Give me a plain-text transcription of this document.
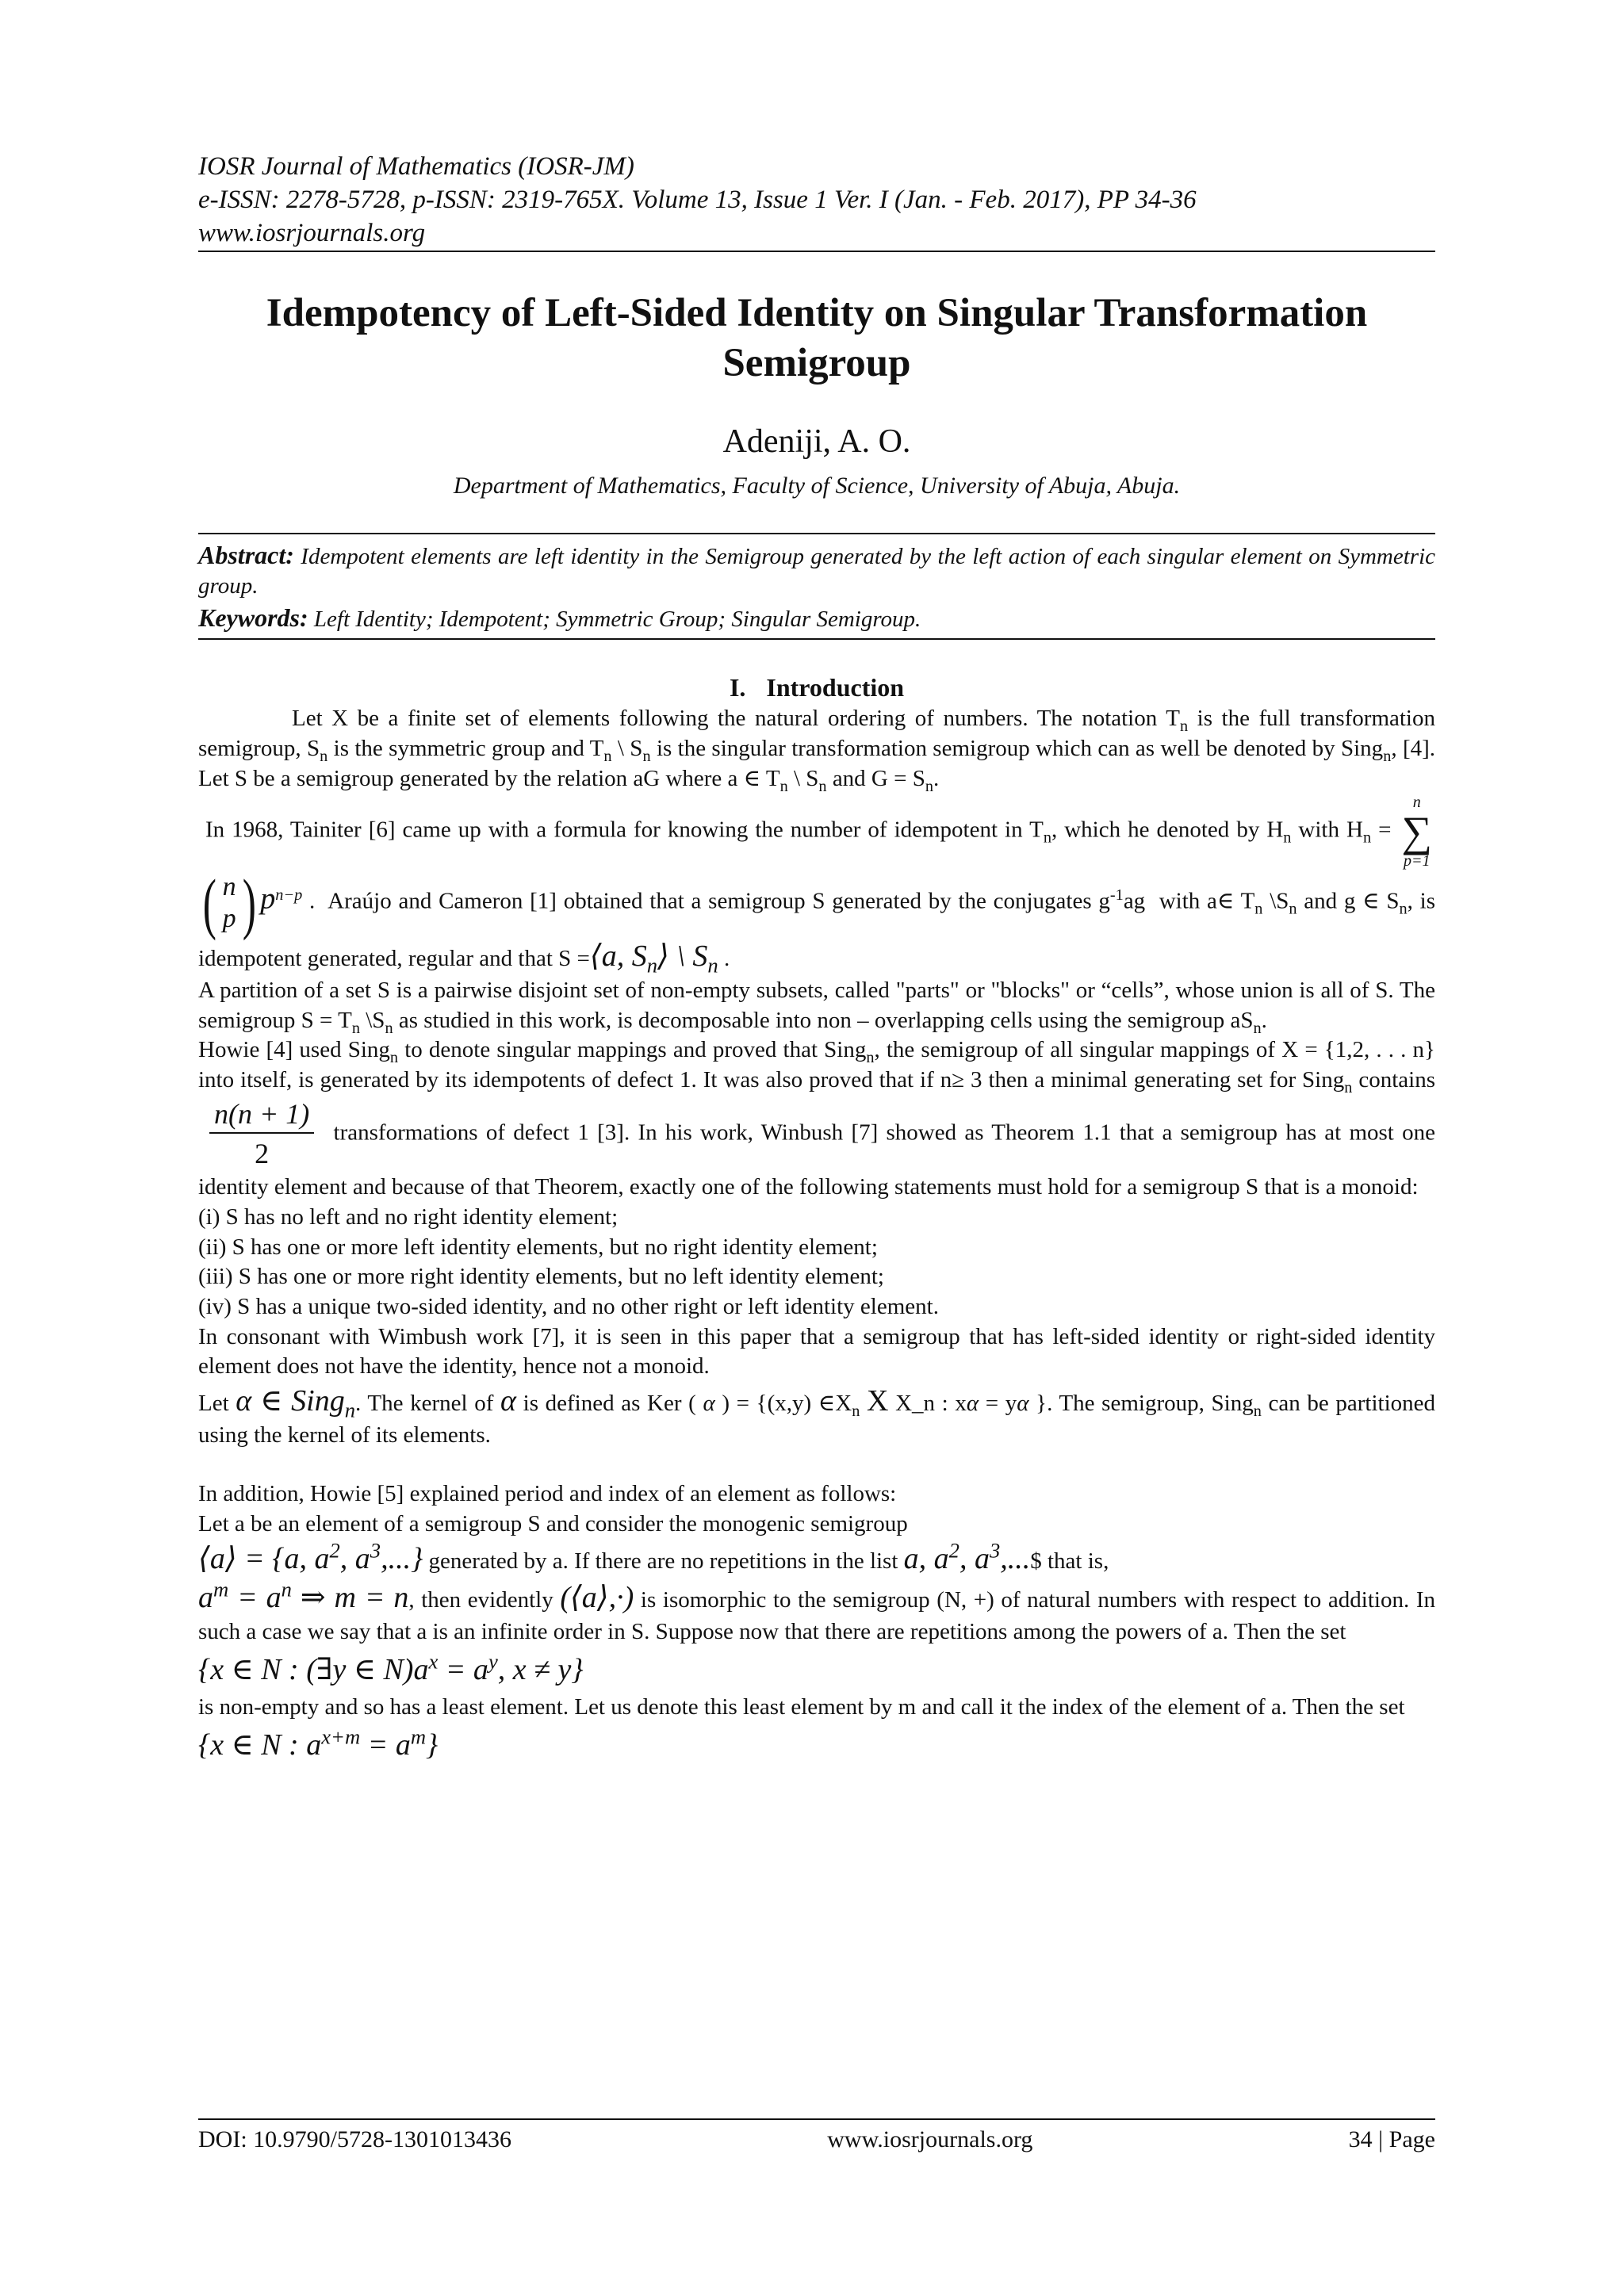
IOSR Journal of Mathematics (IOSR-JM)
e-ISSN: 2278-5728, p-ISSN: 2319-765X. Volume 13, Issue 1 Ver. I (Jan. - Feb. 2017), PP 34-36
www.iosrjournals.org
Idempotency of Left-Sided Identity on Singular Transformation Semigroup
Adeniji, A. O.
Department of Mathematics, Faculty of Science, University of Abuja, Abuja.

Abstract: Idempotent elements are left identity in the Semigroup generated by the left action of each singular element on Symmetric group.

Keywords: Left Identity; Idempotent; Symmetric Group; Singular Semigroup.

I. Introduction

Let X be a finite set of elements following the natural ordering of numbers. The notation $T_n$ is the full transformation semigroup, $S_n$ is the symmetric group and $T_n$ \ $S_n$ is the singular transformation semigroup which can as well be denoted by Sing$_n$, [4]. Let S be a semigroup generated by the relation aG where a ∈ $T_n$ \ $S_n$ and $G = S_n$.

In 1968, Tainiter [6] came up with a formula for knowing the number of idempotent in $T_n$, which he denoted by $H_n$ with $H_n$ =
n
∑
p=1
( n
p ) $p^{n-p}$ .  Araújo and Cameron [1] obtained that a semigroup S generated by the conjugates $g^{-1}ag$  with a∈ $T_n$ $\backslash S_n$ and g ∈ $S_n$, is idempotent generated, regular and that S =⟨a, $S_n⟩$ \ $S_n$ .

A partition of a set S is a pairwise disjoint set of non-empty subsets, called "parts" or "blocks" or “cells”, whose union is all of S. The semigroup $S = T_n$ $\backslash S_n$ as studied in this work, is decomposable into non – overlapping cells using the semigroup $aS_n$.

Howie [4] used Sing$_n$ to denote singular mappings and proved that Sing$_n$, the semigroup of all singular mappings of X = {1,2, . . . n} into itself, is generated by its idempotents of defect 1. It was also proved that if n≥ 3 then a minimal generating set for Sing$_n$ contains
$\frac{n(n + 1)}{2}$ transformations of defect 1 [3]. In his work, Winbush [7] showed as Theorem 1.1 that a semigroup has at most one identity element and because of that Theorem, exactly one of the following statements must hold for a semigroup S that is a monoid:

(i) S has no left and no right identity element;
(ii) S has one or more left identity elements, but no right identity element;
(iii) S has one or more right identity elements, but no left identity element;
(iv) S has a unique two-sided identity, and no other right or left identity element.

In consonant with Wimbush work [7], it is seen in this paper that a semigroup that has left-sided identity or right-sided identity element does not have the identity, hence not a monoid.

Let α ∈ Sing$_n$. The kernel of α is defined as Ker ( α ) = {(x,y) $\in X_n$ X X_n : xα = yα }. The semigroup, Sing$_n$ can be partitioned using the kernel of its elements.

In addition, Howie [5] explained period and index of an element as follows:
Let a be an element of a semigroup S and consider the monogenic semigroup

⟨a⟩ = {a, $a^2$, $a^3$,...} generated by a. If there are no repetitions in the list a, $a^2$, $a^3,...\$$ that is,

$a^m = a^n$ ⇒ m = n, then evidently (⟨a⟩,·) is isomorphic to the semigroup (N, +) of natural numbers with respect to addition. In such a case we say that a is an infinite order in S. Suppose now that there are repetitions among the powers of a. Then the set

{x ∈ N : (∃y ∈ $N)a^x = a^y$, x ≠ y}

is non-empty and so has a least element. Let us denote this least element by m and call it the index of the element of a. Then the set

{x ∈ N : $a^{x+m} = a^m$}
DOI: 10.9790/5728-1301013436	www.iosrjournals.org	34 | Page
